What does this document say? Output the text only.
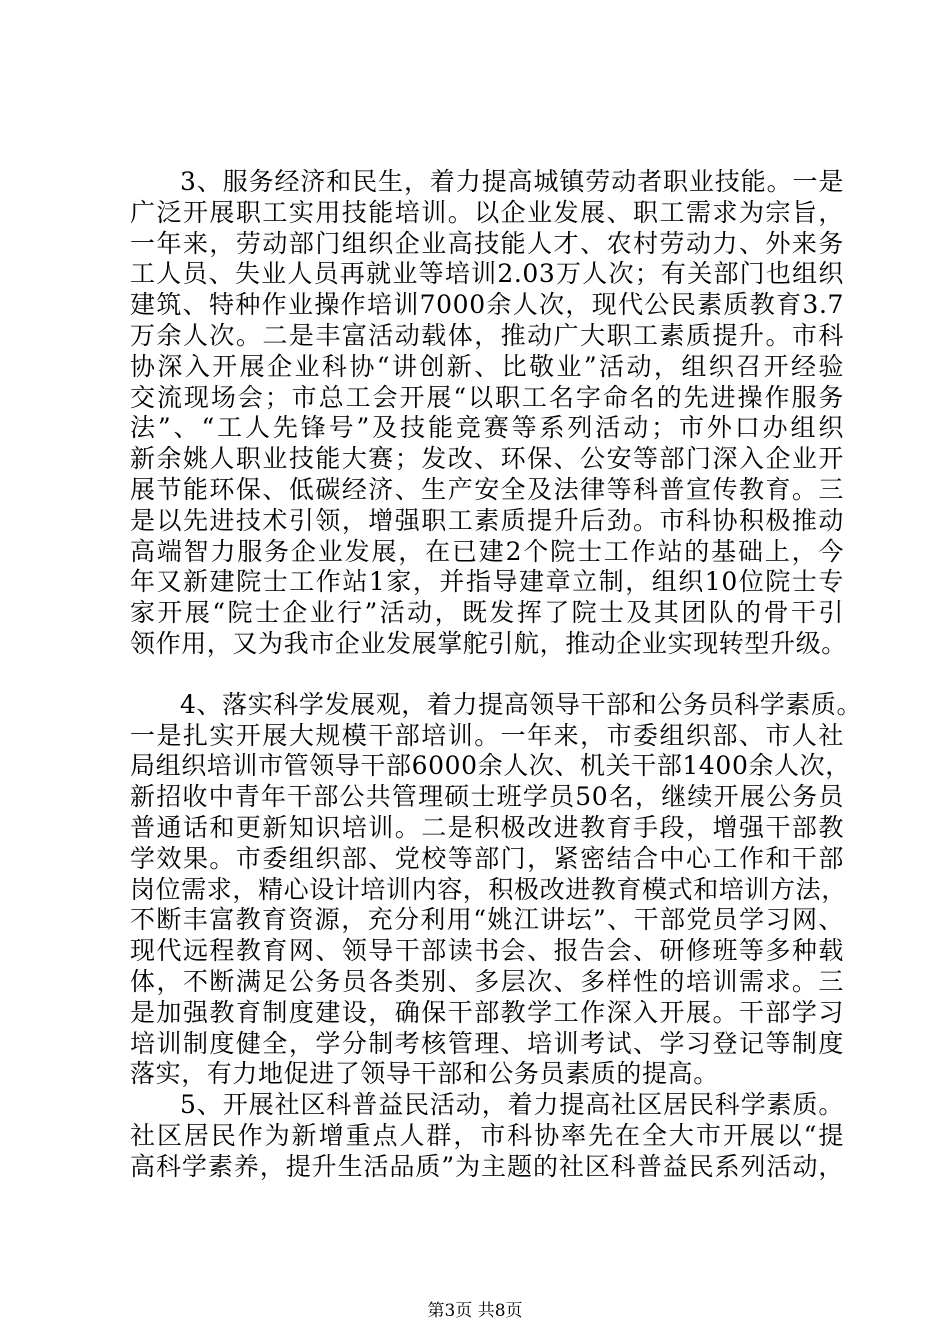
3、服务经济和民生，着力提高城镇劳动者职业技能。一是
广泛开展职工实用技能培训。以企业发展、职工需求为宗旨，
一年来，劳动部门组织企业高技能人才、农村劳动力、外来务
工人员、失业人员再就业等培训2.03万人次；有关部门也组织
建筑、特种作业操作培训7000余人次，现代公民素质教育3.7
万余人次。二是丰富活动载体，推动广大职工素质提升。市科
协深入开展企业科协“讲创新、比敬业”活动，组织召开经验
交流现场会；市总工会开展“以职工名字命名的先进操作服务
法”、“工人先锋号”及技能竞赛等系列活动；市外口办组织
新余姚人职业技能大赛；发改、环保、公安等部门深入企业开
展节能环保、低碳经济、生产安全及法律等科普宣传教育。三
是以先进技术引领，增强职工素质提升后劲。市科协积极推动
高端智力服务企业发展，在已建2个院士工作站的基础上，今
年又新建院士工作站1家，并指导建章立制，组织10位院士专
家开展“院士企业行”活动，既发挥了院士及其团队的骨干引
领作用，又为我市企业发展掌舵引航，推动企业实现转型升级。
4、落实科学发展观，着力提高领导干部和公务员科学素质。
一是扎实开展大规模干部培训。一年来，市委组织部、市人社
局组织培训市管领导干部6000余人次、机关干部1400余人次，
新招收中青年干部公共管理硕士班学员50名，继续开展公务员
普通话和更新知识培训。二是积极改进教育手段，增强干部教
学效果。市委组织部、党校等部门，紧密结合中心工作和干部
岗位需求，精心设计培训内容，积极改进教育模式和培训方法，
不断丰富教育资源，充分利用“姚江讲坛”、干部党员学习网、
现代远程教育网、领导干部读书会、报告会、研修班等多种载
体，不断满足公务员各类别、多层次、多样性的培训需求。三
是加强教育制度建设，确保干部教学工作深入开展。干部学习
培训制度健全，学分制考核管理、培训考试、学习登记等制度
落实，有力地促进了领导干部和公务员素质的提高。
5、开展社区科普益民活动，着力提高社区居民科学素质。
社区居民作为新增重点人群，市科协率先在全大市开展以“提
高科学素养，提升生活品质”为主题的社区科普益民系列活动，
第3页 共8页
